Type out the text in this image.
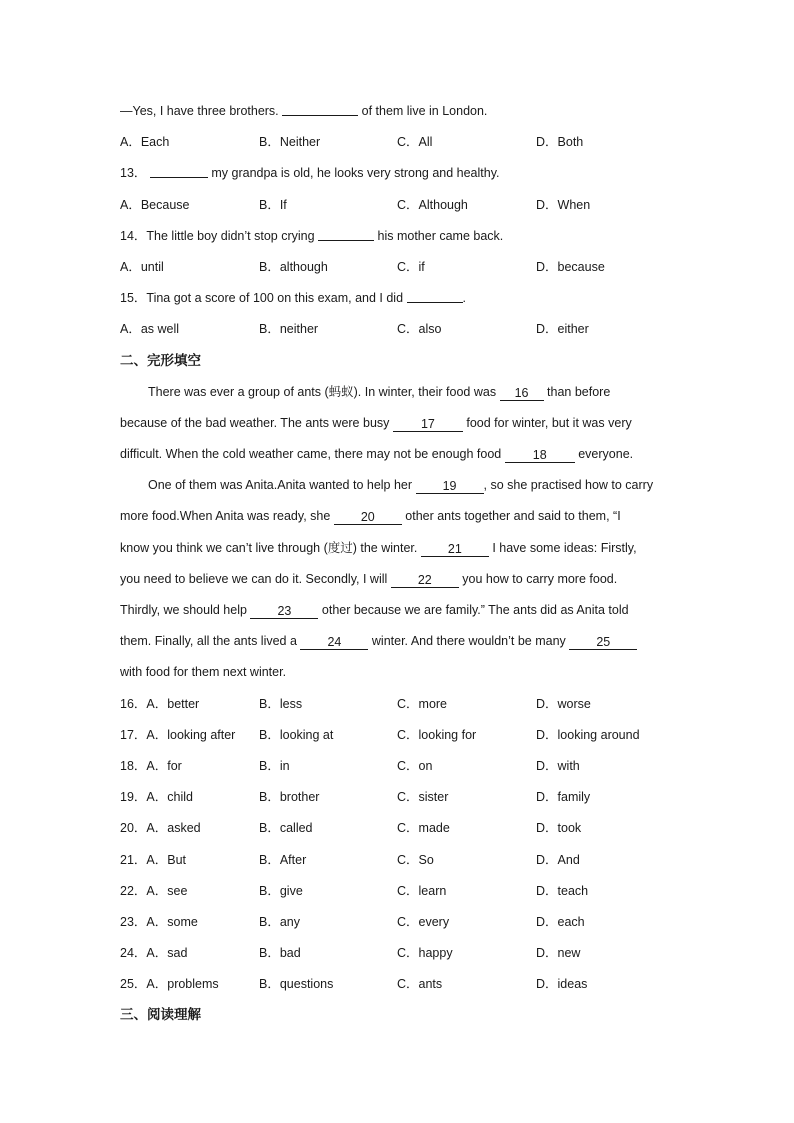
—Yes, I have three brothers.	of them live in London.
A．Each	B．Neither	C．All	D．Both
13．	my grandpa is old, he looks very strong and healthy.
A．Because	B．If	C．Although	D．When
14．The little boy didn’t stop crying	his mother came back.
A．until	B．although	C．if	D．because
15．Tina got a score of 100 on this exam, and I did	.
A．as well	B．neither	C．also	D．either
二、完形填空
There was ever a group of ants (蚂蚁). In winter, their food was 16 than before
because of the bad weather. The ants were busy	17	food for winter, but it was very
difficult. When the cold weather came, there may not be enough food	18	everyone.
One of them was Anita.Anita wanted to help her 19 , so she practised how to carry
more food.When Anita was ready, she 20 other ants together and said to them, “I
know you think we can’t live through (度过) the winter. 21 I have some ideas: Firstly,
you need to believe we can do it. Secondly, I will 22 you how to carry more food.
Thirdly, we should help 23 other because we are family.” The ants did as Anita told
them. Finally, all the ants lived a 24 winter. And there wouldn’t be many 25
with food for them next winter.
16．A．better	B．less	C．more	D．worse
17．A．looking after B．looking at	C．looking for	D．looking around
18．A．for	B．in	C．on	D．with
19．A．child	B．brother	C．sister	D．family
20．A．asked	B．called	C．made	D．took
21．A．But	B．After	C．So	D．And
22．A．see	B．give	C．learn	D．teach
23．A．some	B．any	C．every	D．each
24．A．sad	B．bad	C．happy	D．new
25．A．problems	B．questions	C．ants	D．ideas
三、阅读理解
